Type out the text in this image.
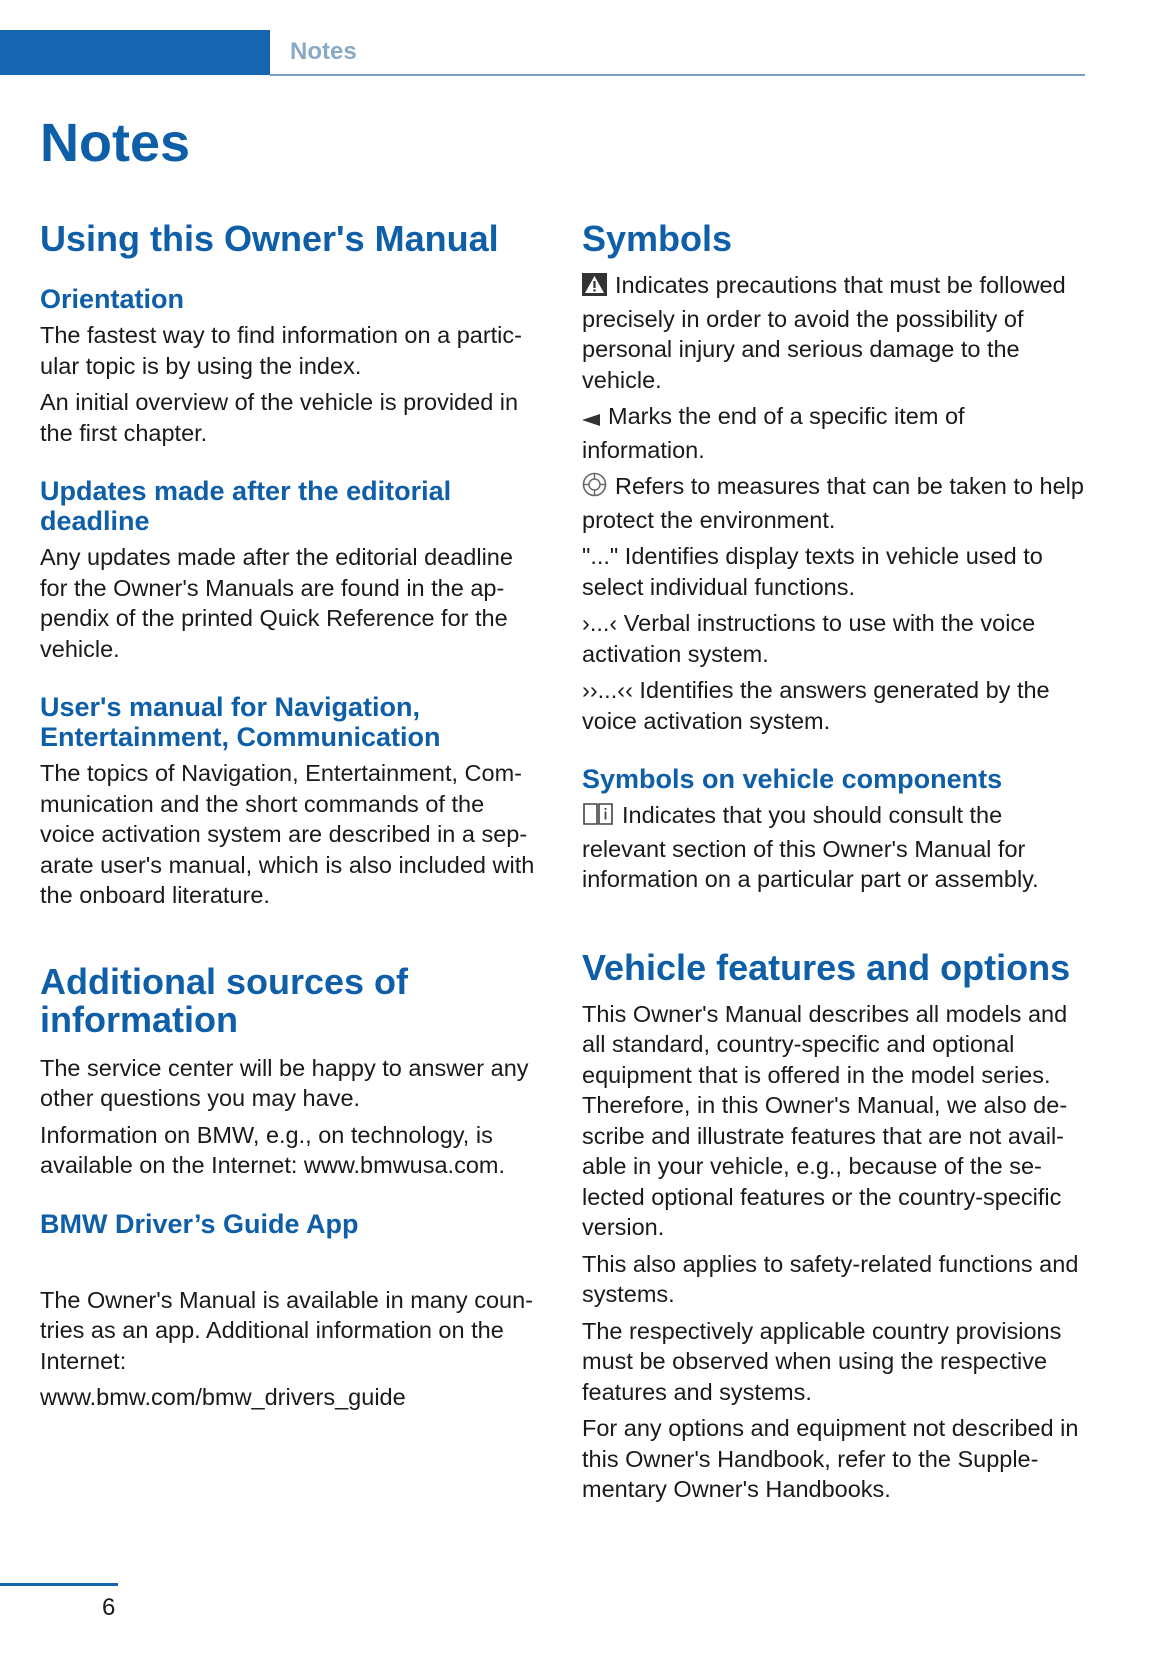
Notes
Notes
Using this Owner's Manual
Orientation

The fastest way to find information on a partic-ular topic is by using the index.

An initial overview of the vehicle is provided in the first chapter.

Updates made after the editorial deadline

Any updates made after the editorial deadline for the Owner's Manuals are found in the ap-pendix of the printed Quick Reference for the vehicle.

User's manual for Navigation, Entertainment, Communication

The topics of Navigation, Entertainment, Com-munication and the short commands of the voice activation system are described in a sep-arate user's manual, which is also included with the onboard literature.

Additional sources of information

The service center will be happy to answer any other questions you may have.

Information on BMW, e.g., on technology, is available on the Internet: www.bmwusa.com.

BMW Driver’s Guide App

The Owner's Manual is available in many coun-tries as an app. Additional information on the Internet:

www.bmw.com/bmw_drivers_guide

Symbols

Indicates precautions that must be followed precisely in order to avoid the possibility of personal injury and serious damage to the vehicle.

Marks the end of a specific item of information.

Refers to measures that can be taken to help protect the environment.

"..." Identifies display texts in vehicle used to select individual functions.

›...‹ Verbal instructions to use with the voice activation system.

››...‹‹ Identifies the answers generated by the voice activation system.

Symbols on vehicle components

Indicates that you should consult the relevant section of this Owner's Manual for information on a particular part or assembly.

Vehicle features and options

This Owner's Manual describes all models and all standard, country-specific and optional equipment that is offered in the model series. Therefore, in this Owner's Manual, we also de-scribe and illustrate features that are not avail-able in your vehicle, e.g., because of the se-lected optional features or the country-specific version.

This also applies to safety-related functions and systems.

The respectively applicable country provisions must be observed when using the respective features and systems.

For any options and equipment not described in this Owner's Handbook, refer to the Supple-mentary Owner's Handbooks.

6
